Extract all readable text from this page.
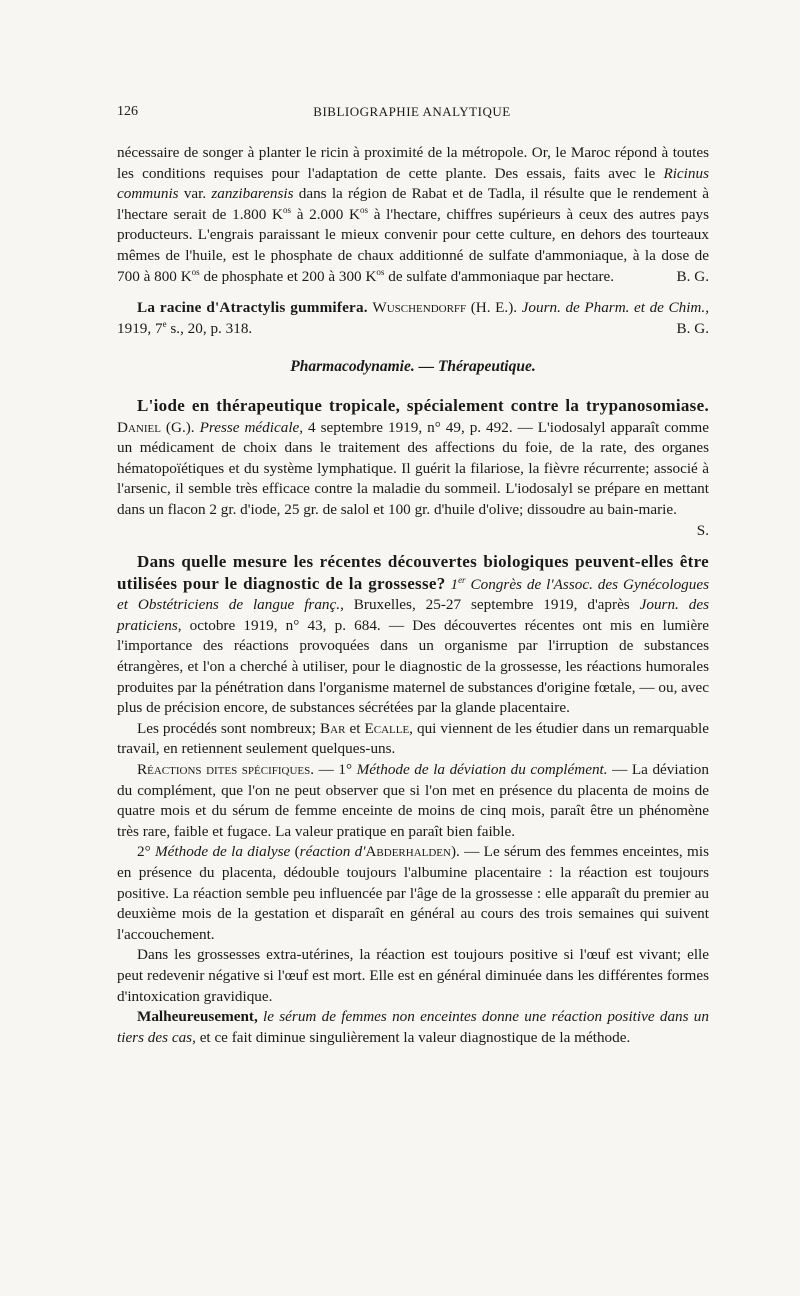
126	BIBLIOGRAPHIE ANALYTIQUE

nécessaire de songer à planter le ricin à proximité de la métropole. Or, le Maroc répond à toutes les conditions requises pour l'adaptation de cette plante. Des essais, faits avec le Ricinus communis var. zanzibarensis dans la région de Rabat et de Tadla, il résulte que le rendement à l'hectare serait de 1.800 $K^{os}$ à 2.000 $K^{os}$ à l'hectare, chiffres supérieurs à ceux des autres pays producteurs. L'engrais paraissant le mieux convenir pour cette culture, en dehors des tourteaux mêmes de l'huile, est le phosphate de chaux additionné de sulfate d'ammoniaque, à la dose de 700 à 800 $K^{os}$ de phosphate et 200 à 300 $K^{os}$ de sulfate d'ammoniaque par hectare.	B. G.

La racine d'Atractylis gummifera. Wuschendorff (H. E.). Journ. de Pharm. et de Chim., 1919, 7e s., 20, p. 318.	B. G.

Pharmacodynamie. — Thérapeutique.

L'iode en thérapeutique tropicale, spécialement contre la trypanosomiase. Daniel (G.). Presse médicale, 4 septembre 1919, n° 49, p. 492. — L'iodosalyl apparaît comme un médicament de choix dans le traitement des affections du foie, de la rate, des organes hématopoïétiques et du système lymphatique. Il guérit la filariose, la fièvre récurrente; associé à l'arsenic, il semble très efficace contre la maladie du sommeil. L'iodosalyl se prépare en mettant dans un flacon 2 gr. d'iode, 25 gr. de salol et 100 gr. d'huile d'olive; dissoudre au bain-marie.
S.

Dans quelle mesure les récentes découvertes biologiques peuvent-elles être utilisées pour le diagnostic de la grossesse? 1er Congrès de l'Assoc. des Gynécologues et Obstétriciens de langue franç., Bruxelles, 25-27 septembre 1919, d'après Journ. des praticiens, octobre 1919, n° 43, p. 684. — Des découvertes récentes ont mis en lumière l'importance des réactions provoquées dans un organisme par l'irruption de substances étrangères, et l'on a cherché à utiliser, pour le diagnostic de la grossesse, les réactions humorales produites par la pénétration dans l'organisme maternel de substances d'origine fœtale, — ou, avec plus de précision encore, de substances sécrétées par la glande placentaire.

Les procédés sont nombreux; Bar et Ecalle, qui viennent de les étudier dans un remarquable travail, en retiennent seulement quelques-uns.

Réactions dites spécifiques. — 1° Méthode de la déviation du complément. — La déviation du complément, que l'on ne peut observer que si l'on met en présence du placenta de moins de quatre mois et du sérum de femme enceinte de moins de cinq mois, paraît être un phénomène très rare, faible et fugace. La valeur pratique en paraît bien faible.

2° Méthode de la dialyse (réaction d'Abderhalden). — Le sérum des femmes enceintes, mis en présence du placenta, dédouble toujours l'albumine placentaire : la réaction est toujours positive. La réaction semble peu influencée par l'âge de la grossesse : elle apparaît du premier au deuxième mois de la gestation et disparaît en général au cours des trois semaines qui suivent l'accouchement.

Dans les grossesses extra-utérines, la réaction est toujours positive si l'œuf est vivant; elle peut redevenir négative si l'œuf est mort. Elle est en général diminuée dans les différentes formes d'intoxication gravidique.

Malheureusement, le sérum de femmes non enceintes donne une réaction positive dans un tiers des cas, et ce fait diminue singulièrement la valeur diagnostique de la méthode.
